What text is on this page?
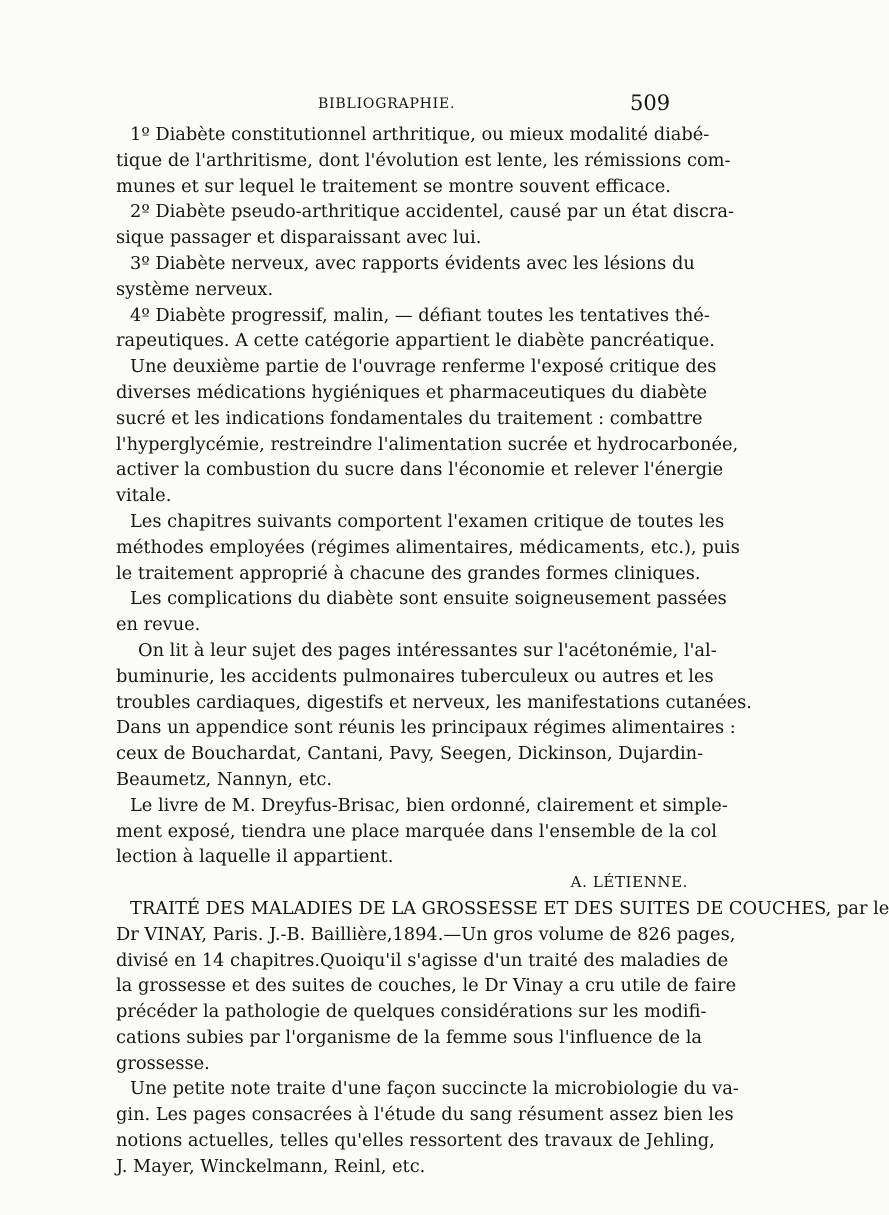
BIBLIOGRAPHIE.	509
1º Diabète constitutionnel arthritique, ou mieux modalité diabé-
tique de l'arthritisme, dont l'évolution est lente, les rémissions com-
munes et sur lequel le traitement se montre souvent efficace.
2º Diabète pseudo-arthritique accidentel, causé par un état discra-
sique passager et disparaissant avec lui.
3º Diabète nerveux, avec rapports évidents avec les lésions du
système nerveux.
4º Diabète progressif, malin, — défiant toutes les tentatives thé-
rapeutiques. A cette catégorie appartient le diabète pancréatique.
Une deuxième partie de l'ouvrage renferme l'exposé critique des
diverses médications hygiéniques et pharmaceutiques du diabète
sucré et les indications fondamentales du traitement : combattre
l'hyperglycémie, restreindre l'alimentation sucrée et hydrocarbonée,
activer la combustion du sucre dans l'économie et relever l'énergie
vitale.
Les chapitres suivants comportent l'examen critique de toutes les
méthodes employées (régimes alimentaires, médicaments, etc.), puis
le traitement approprié à chacune des grandes formes cliniques.
Les complications du diabète sont ensuite soigneusement passées
en revue.
On lit à leur sujet des pages intéressantes sur l'acétonémie, l'al-
buminurie, les accidents pulmonaires tuberculeux ou autres et les
troubles cardiaques, digestifs et nerveux, les manifestations cutanées.
Dans un appendice sont réunis les principaux régimes alimentaires :
ceux de Bouchardat, Cantani, Pavy, Seegen, Dickinson, Dujardin-
Beaumetz, Nannyn, etc.
Le livre de M. Dreyfus-Brisac, bien ordonné, clairement et simple-
ment exposé, tiendra une place marquée dans l'ensemble de la col
lection à laquelle il appartient.
A. LÉTIENNE.
TRAITÉ DES MALADIES DE LA GROSSESSE ET DES SUITES DE COUCHES, par le
Dr VINAY, Paris. J.-B. Baillière,1894.—Un gros volume de 826 pages,
divisé en 14 chapitres.Quoiqu'il s'agisse d'un traité des maladies de
la grossesse et des suites de couches, le Dr Vinay a cru utile de faire
précéder la pathologie de quelques considérations sur les modifi-
cations subies par l'organisme de la femme sous l'influence de la
grossesse.
Une petite note traite d'une façon succincte la microbiologie du va-
gin. Les pages consacrées à l'étude du sang résument assez bien les
notions actuelles, telles qu'elles ressortent des travaux de Jehling,
J. Mayer, Winckelmann, Reinl, etc.
